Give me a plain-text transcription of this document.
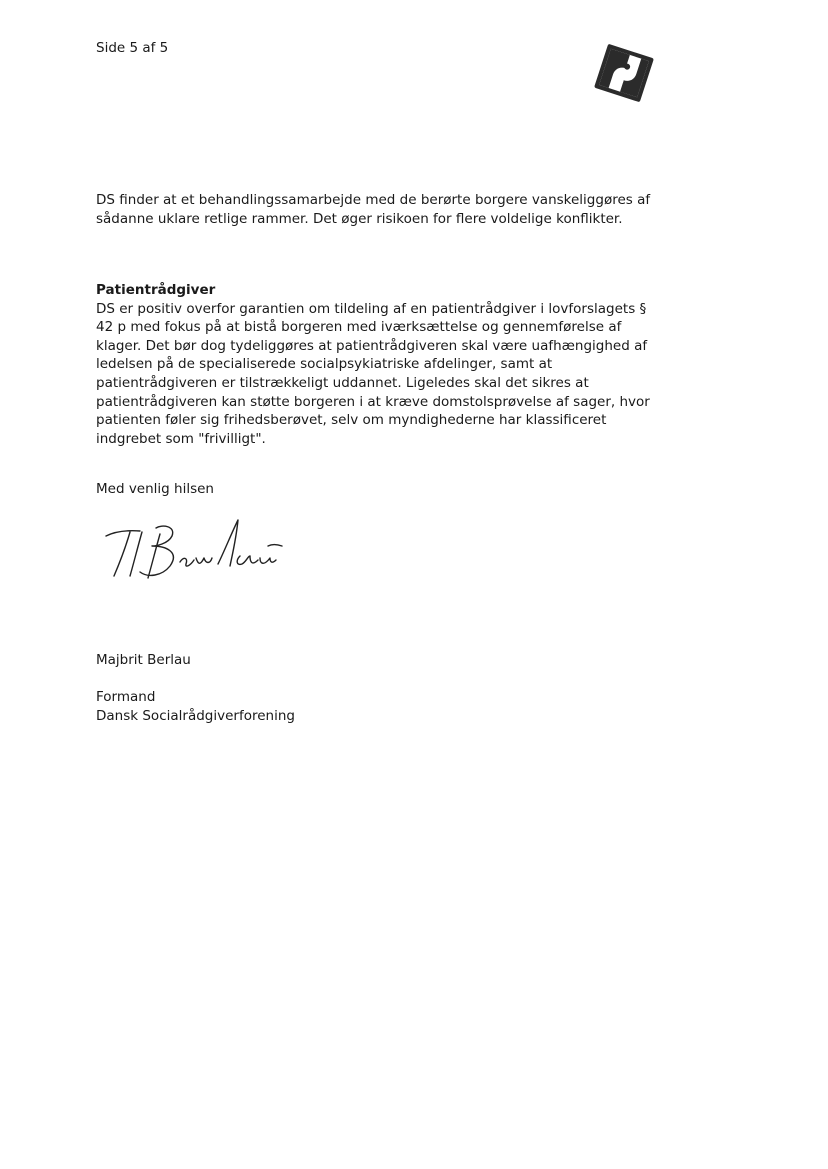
Side 5 af 5
DS finder at et behandlingssamarbejde med de berørte borgere vanskeliggøres af sådanne uklare retlige rammer. Det øger risikoen for flere voldelige konflikter.

Patientrådgiver

DS er positiv overfor garantien om tildeling af en patientrådgiver i lovforslagets § 42 p med fokus på at bistå borgeren med iværksættelse og gennemførelse af klager. Det bør dog tydeliggøres at patientrådgiveren skal være uafhængighed af ledelsen på de specialiserede socialpsykiatriske afdelinger, samt at patientrådgiveren er tilstrækkeligt uddannet. Ligeledes skal det sikres at patientrådgiveren kan støtte borgeren i at kræve domstolsprøvelse af sager, hvor patienten føler sig frihedsberøvet, selv om myndighederne har klassificeret indgrebet som "frivilligt".

Med venlig hilsen
Majbrit Berlau
Formand
Dansk Socialrådgiverforening
